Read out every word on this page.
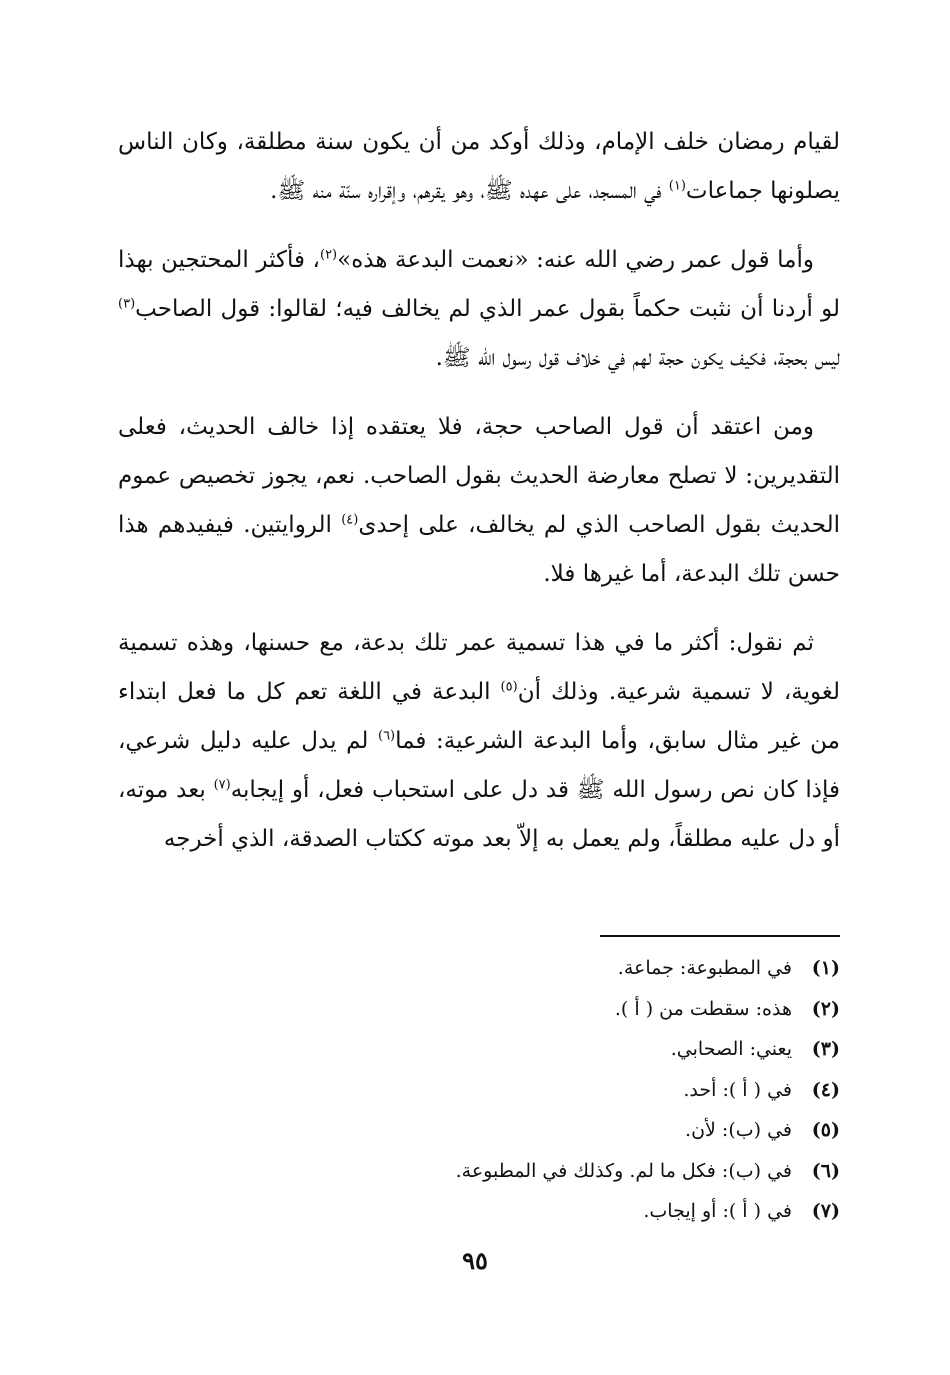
لقيام رمضان خلف الإمام، وذلك أوكد من أن يكون سنة مطلقة، وكان الناس يصلونها جماعات$^{(١)}$ في المسجد، على عهده ﷺ، وهو يقرهم، وإقراره سنّة منه ﷺ.

وأما قول عمر رضي الله عنه: «نعمت البدعة هذه»$^{(٢)}$، فأكثر المحتجين بهذا لو أردنا أن نثبت حكماً بقول عمر الذي لم يخالف فيه؛ لقالوا: قول الصاحب$^{(٣)}$ ليس بحجة، فكيف يكون حجة لهم في خلاف قول رسول الله ﷺ.

ومن اعتقد أن قول الصاحب حجة، فلا يعتقده إذا خالف الحديث، فعلى التقديرين: لا تصلح معارضة الحديث بقول الصاحب. نعم، يجوز تخصيص عموم الحديث بقول الصاحب الذي لم يخالف، على إحدى$^{(٤)}$ الروايتين. فيفيدهم هذا حسن تلك البدعة، أما غيرها فلا.

ثم نقول: أكثر ما في هذا تسمية عمر تلك بدعة، مع حسنها، وهذه تسمية لغوية، لا تسمية شرعية. وذلك أن$^{(٥)}$ البدعة في اللغة تعم كل ما فعل ابتداء من غير مثال سابق، وأما البدعة الشرعية: فما$^{(٦)}$ لم يدل عليه دليل شرعي، فإذا كان نص رسول الله ﷺ قد دل على استحباب فعل، أو إيجابه$^{(٧)}$ بعد موته، أو دل عليه مطلقاً، ولم يعمل به إلاّ بعد موته ككتاب الصدقة، الذي أخرجه

(١)
في المطبوعة: جماعة.
(٢)
هذه: سقطت من ( أ ).
(٣)
يعني: الصحابي.
(٤)
في ( أ ): أحد.
(٥)
في (ب): لأن.
(٦)
في (ب): فكل ما لم. وكذلك في المطبوعة.
(٧)
في ( أ ): أو إيجاب.
٩٥
